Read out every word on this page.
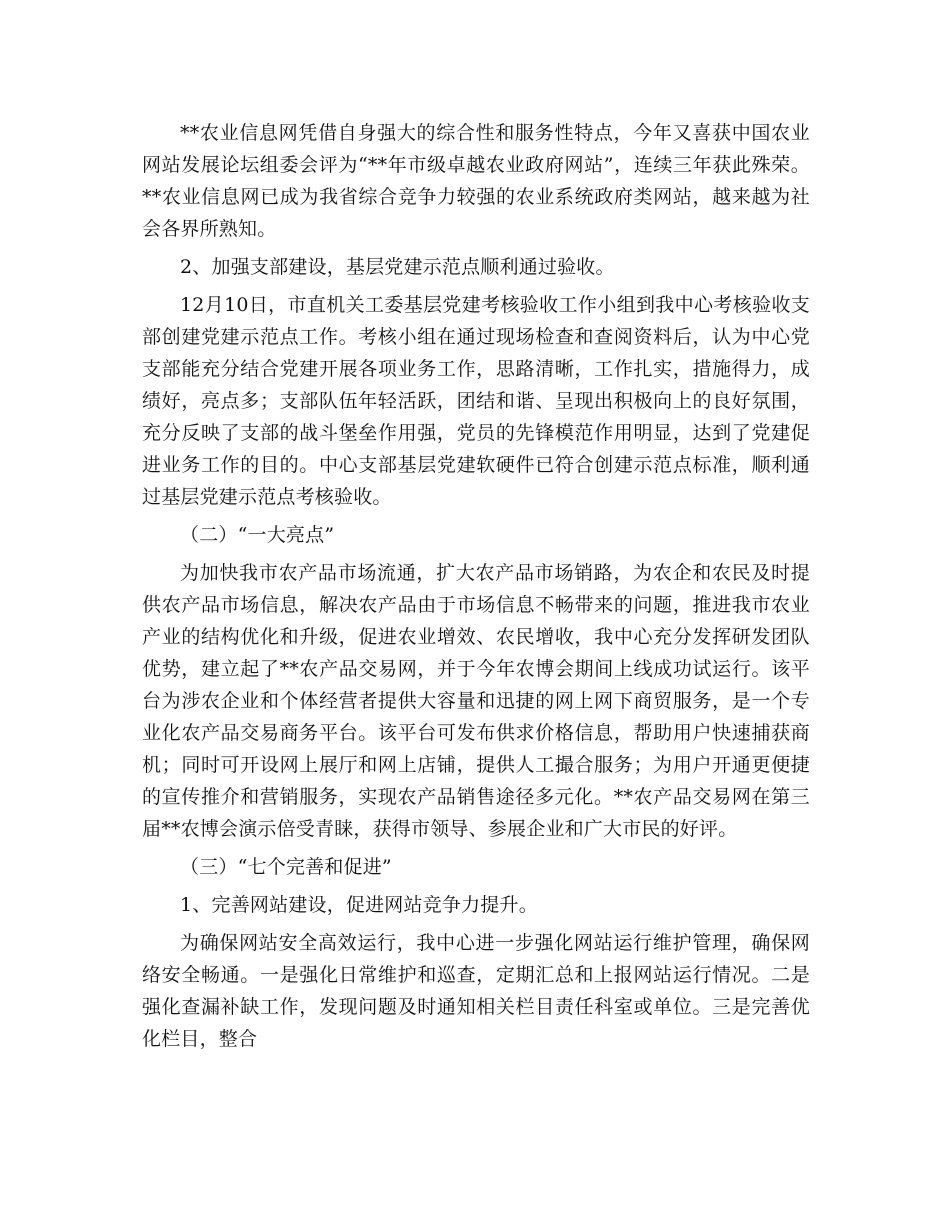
**农业信息网凭借自身强大的综合性和服务性特点，今年又喜获中国农业网站发展论坛组委会评为“**年市级卓越农业政府网站”，连续三年获此殊荣。**农业信息网已成为我省综合竞争力较强的农业系统政府类网站，越来越为社会各界所熟知。

2、加强支部建设，基层党建示范点顺利通过验收。

12月10日，市直机关工委基层党建考核验收工作小组到我中心考核验收支部创建党建示范点工作。考核小组在通过现场检查和查阅资料后，认为中心党支部能充分结合党建开展各项业务工作，思路清晰，工作扎实，措施得力，成绩好，亮点多；支部队伍年轻活跃，团结和谐、呈现出积极向上的良好氛围，充分反映了支部的战斗堡垒作用强，党员的先锋模范作用明显，达到了党建促进业务工作的目的。中心支部基层党建软硬件已符合创建示范点标准，顺利通过基层党建示范点考核验收。

（二）“一大亮点”

为加快我市农产品市场流通，扩大农产品市场销路，为农企和农民及时提供农产品市场信息，解决农产品由于市场信息不畅带来的问题，推进我市农业产业的结构优化和升级，促进农业增效、农民增收，我中心充分发挥研发团队优势，建立起了**农产品交易网，并于今年农博会期间上线成功试运行。该平台为涉农企业和个体经营者提供大容量和迅捷的网上网下商贸服务，是一个专业化农产品交易商务平台。该平台可发布供求价格信息，帮助用户快速捕获商机；同时可开设网上展厅和网上店铺，提供人工撮合服务；为用户开通更便捷的宣传推介和营销服务，实现农产品销售途径多元化。**农产品交易网在第三届**农博会演示倍受青睐，获得市领导、参展企业和广大市民的好评。

（三）“七个完善和促进”

1、完善网站建设，促进网站竞争力提升。

为确保网站安全高效运行，我中心进一步强化网站运行维护管理，确保网络安全畅通。一是强化日常维护和巡查，定期汇总和上报网站运行情况。二是强化查漏补缺工作，发现问题及时通知相关栏目责任科室或单位。三是完善优化栏目，整合
